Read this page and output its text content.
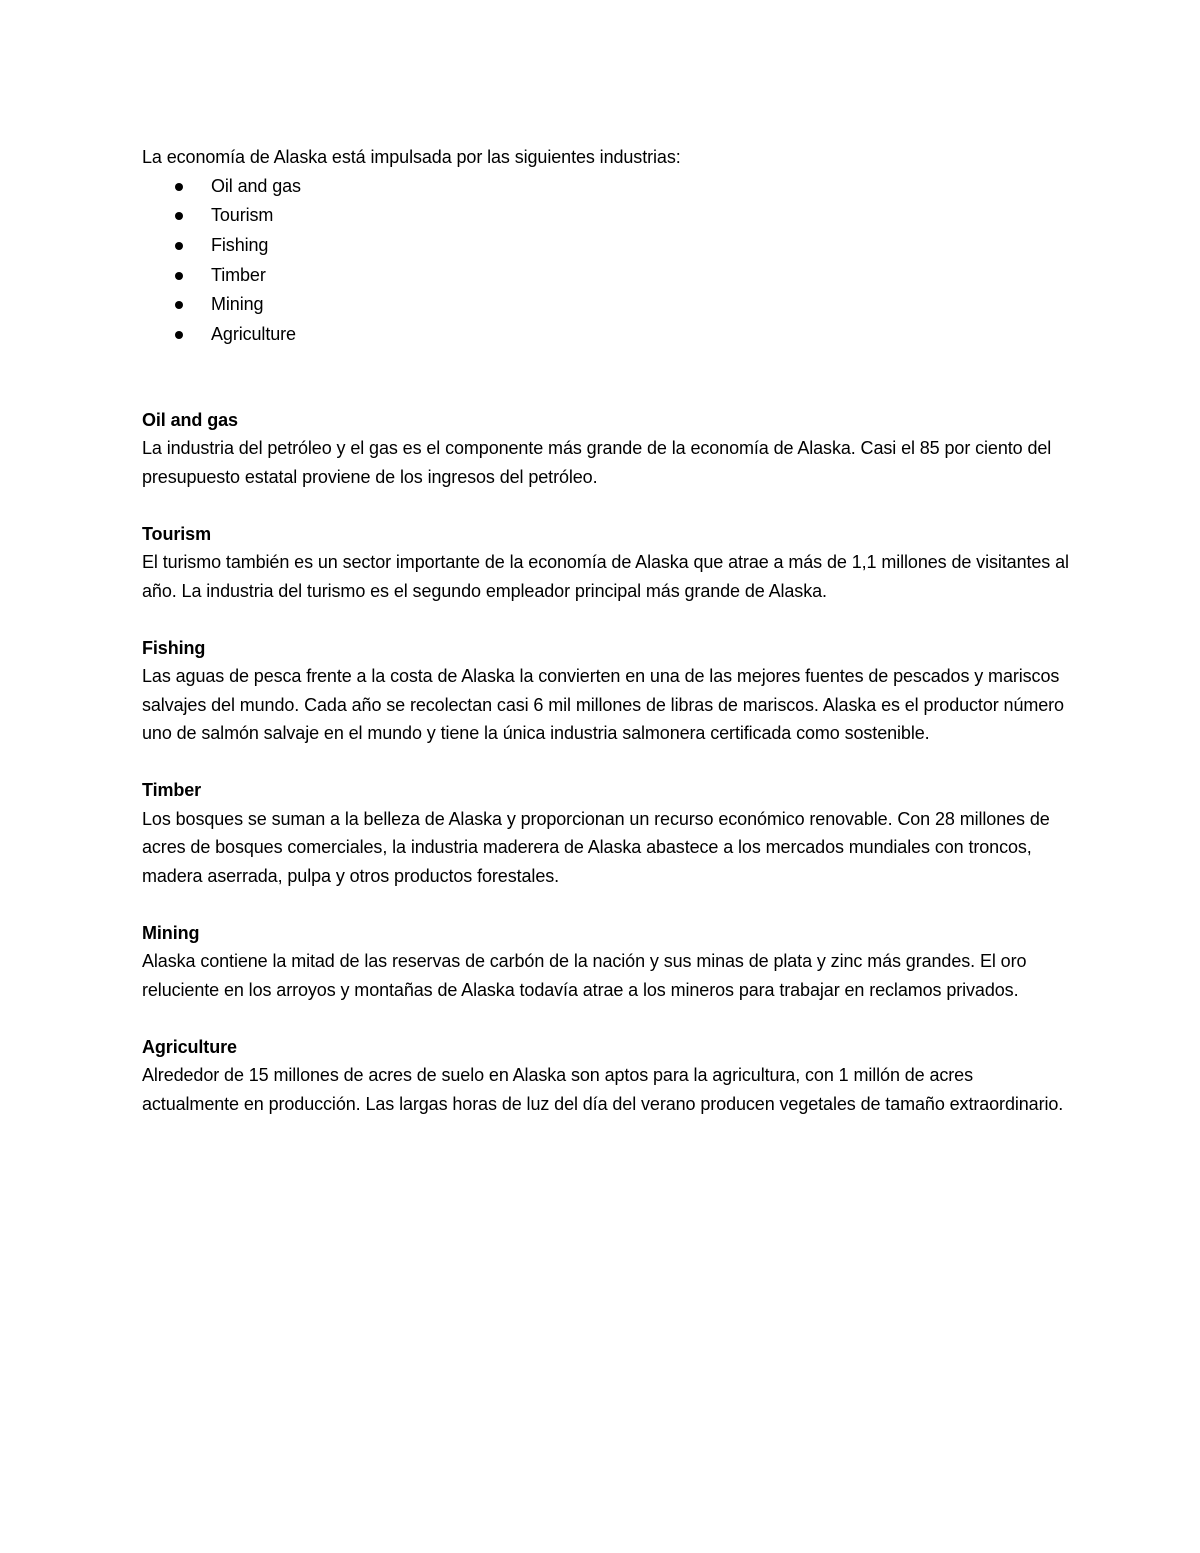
La economía de Alaska está impulsada por las siguientes industrias:

Oil and gas
Tourism
Fishing
Timber
Mining
Agriculture

Oil and gas

La industria del petróleo y el gas es el componente más grande de la economía de Alaska. Casi el 85 por ciento del presupuesto estatal proviene de los ingresos del petróleo.

Tourism

El turismo también es un sector importante de la economía de Alaska que atrae a más de 1,1 millones de visitantes al año. La industria del turismo es el segundo empleador principal más grande de Alaska.

Fishing

Las aguas de pesca frente a la costa de Alaska la convierten en una de las mejores fuentes de pescados y mariscos salvajes del mundo. Cada año se recolectan casi 6 mil millones de libras de mariscos. Alaska es el productor número uno de salmón salvaje en el mundo y tiene la única industria salmonera certificada como sostenible.

Timber

Los bosques se suman a la belleza de Alaska y proporcionan un recurso económico renovable. Con 28 millones de acres de bosques comerciales, la industria maderera de Alaska abastece a los mercados mundiales con troncos, madera aserrada, pulpa y otros productos forestales.

Mining

Alaska contiene la mitad de las reservas de carbón de la nación y sus minas de plata y zinc más grandes. El oro reluciente en los arroyos y montañas de Alaska todavía atrae a los mineros para trabajar en reclamos privados.

Agriculture

Alrededor de 15 millones de acres de suelo en Alaska son aptos para la agricultura, con 1 millón de acres actualmente en producción. Las largas horas de luz del día del verano producen vegetales de tamaño extraordinario.
